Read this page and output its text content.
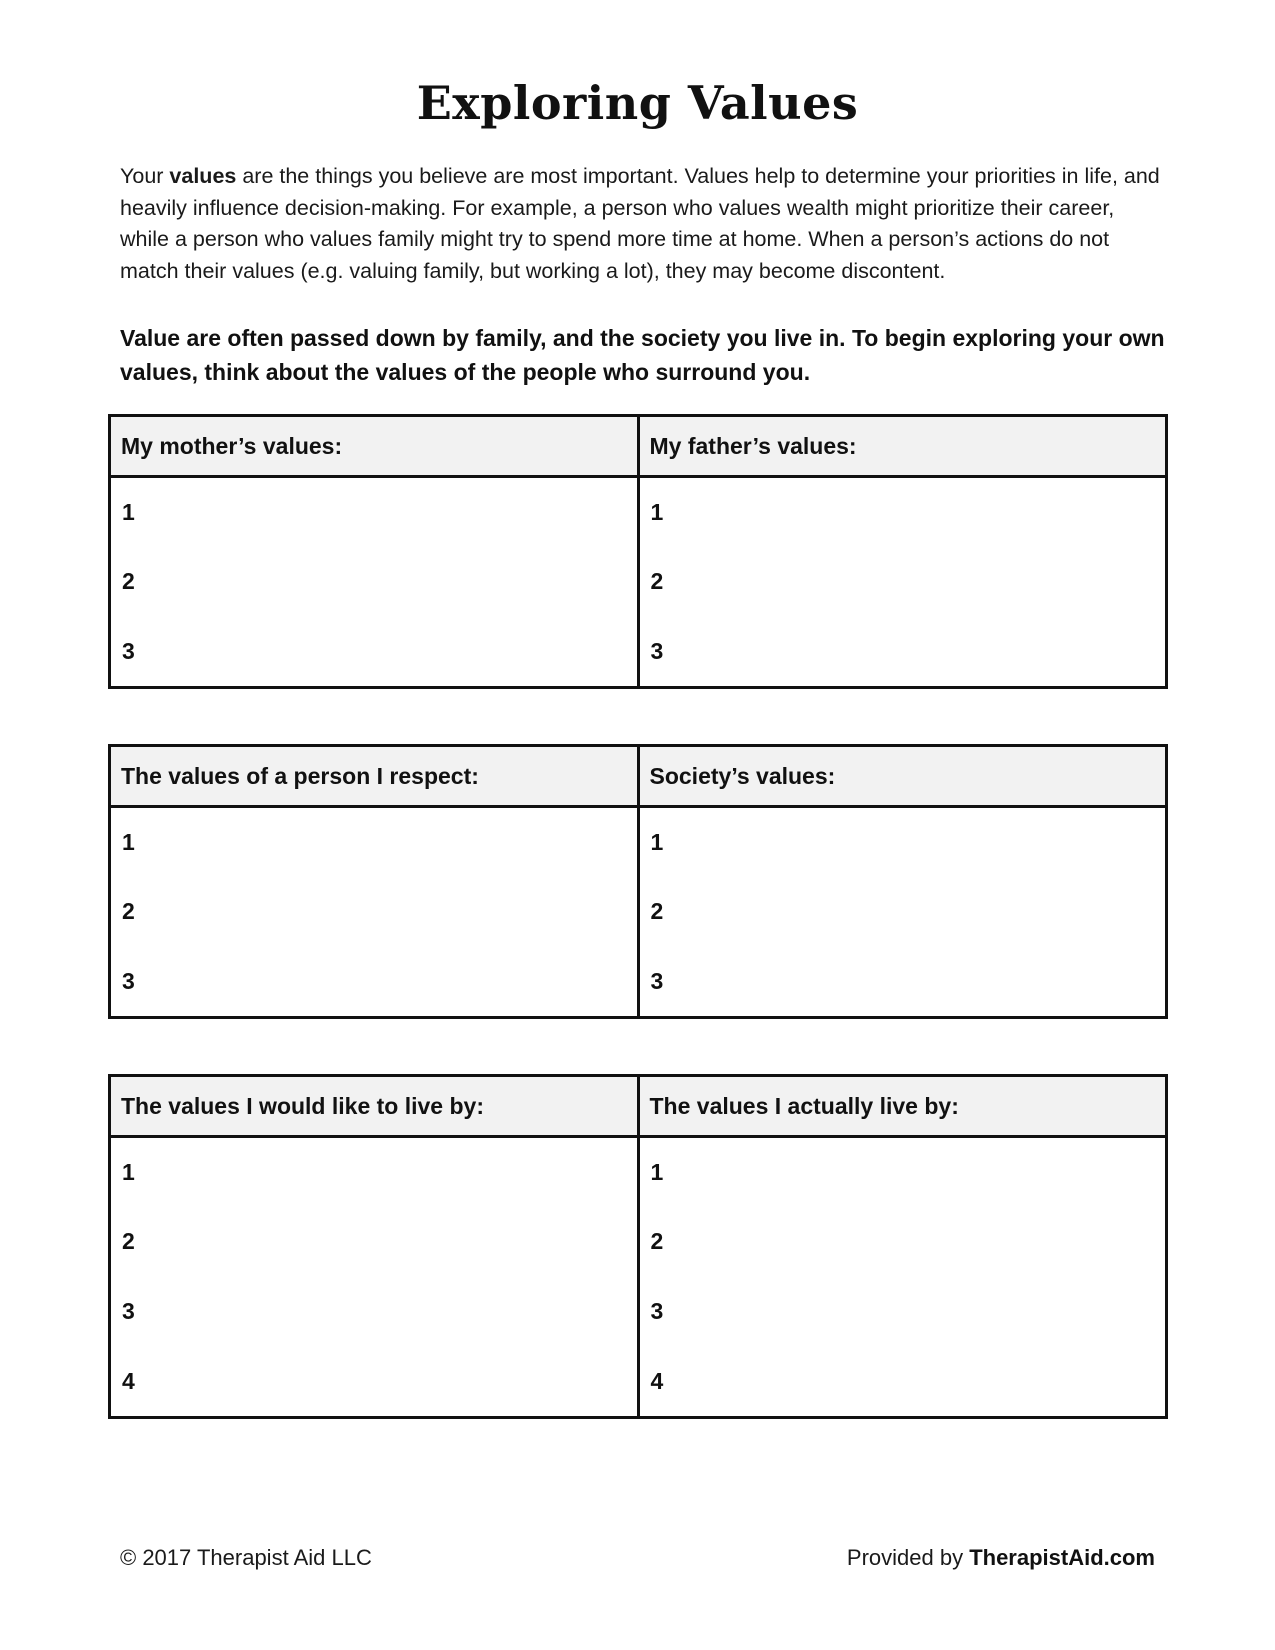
Exploring Values
Your values are the things you believe are most important. Values help to determine your priorities in life, and heavily influence decision-making. For example, a person who values wealth might prioritize their career, while a person who values family might try to spend more time at home. When a person’s actions do not match their values (e.g. valuing family, but working a lot), they may become discontent.
Value are often passed down by family, and the society you live in. To begin exploring your own values, think about the values of the people who surround you.
My mother’s values:
1
2
3
My father’s values:
1
2
3
The values of a person I respect:
1
2
3
Society’s values:
1
2
3
The values I would like to live by:
1
2
3
4
The values I actually live by:
1
2
3
4
© 2017 Therapist Aid LLC	Provided by TherapistAid.com
